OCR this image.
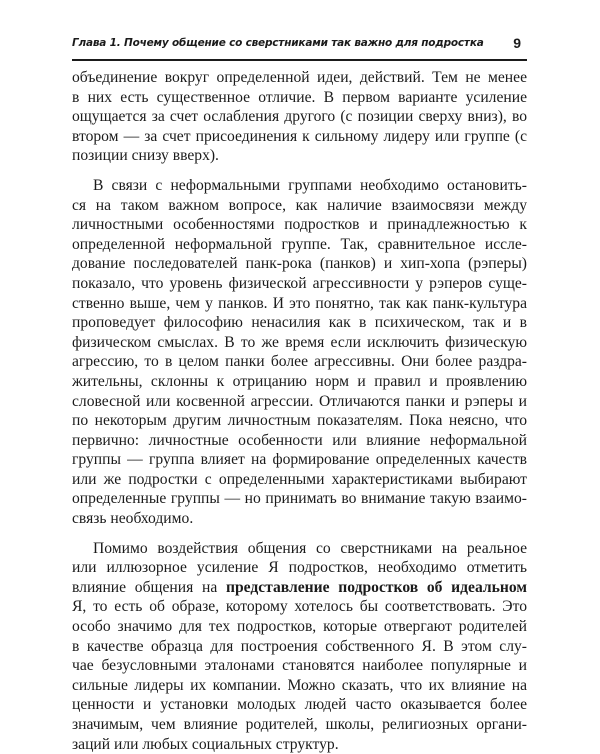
Глава 1. Почему общение со сверстниками так важно для подростка 9
объединение вокруг определенной идеи, действий. Тем не менее
в них есть существенное отличие. В первом варианте усиление
ощущается за счет ослабления другого (с позиции сверху вниз), во
втором — за счет присоединения к сильному лидеру или группе (с
позиции снизу вверх).
В связи с неформальными группами необходимо остановить-
ся на таком важном вопросе, как наличие взаимосвязи между
личностными особенностями подростков и принадлежностью к
определенной неформальной группе. Так, сравнительное иссле-
дование последователей панк-рока (панков) и хип-хопа (рэперы)
показало, что уровень физической агрессивности у рэперов суще-
ственно выше, чем у панков. И это понятно, так как панк-культура
проповедует философию ненасилия как в психическом, так и в
физическом смыслах. В то же время если исключить физическую
агрессию, то в целом панки более агрессивны. Они более раздра-
жительны, склонны к отрицанию норм и правил и проявлению
словесной или косвенной агрессии. Отличаются панки и рэперы и
по некоторым другим личностным показателям. Пока неясно, что
первично: личностные особенности или влияние неформальной
группы — группа влияет на формирование определенных качеств
или же подростки с определенными характеристиками выбирают
определенные группы — но принимать во внимание такую взаимо-
связь необходимо.
Помимо воздействия общения со сверстниками на реальное
или иллюзорное усиление Я подростков, необходимо отметить
влияние общения на представление подростков об идеальном
Я, то есть об образе, которому хотелось бы соответствовать. Это
особо значимо для тех подростков, которые отвергают родителей
в качестве образца для построения собственного Я. В этом слу-
чае безусловными эталонами становятся наиболее популярные и
сильные лидеры их компании. Можно сказать, что их влияние на
ценности и установки молодых людей часто оказывается более
значимым, чем влияние родителей, школы, религиозных органи-
заций или любых социальных структур.
